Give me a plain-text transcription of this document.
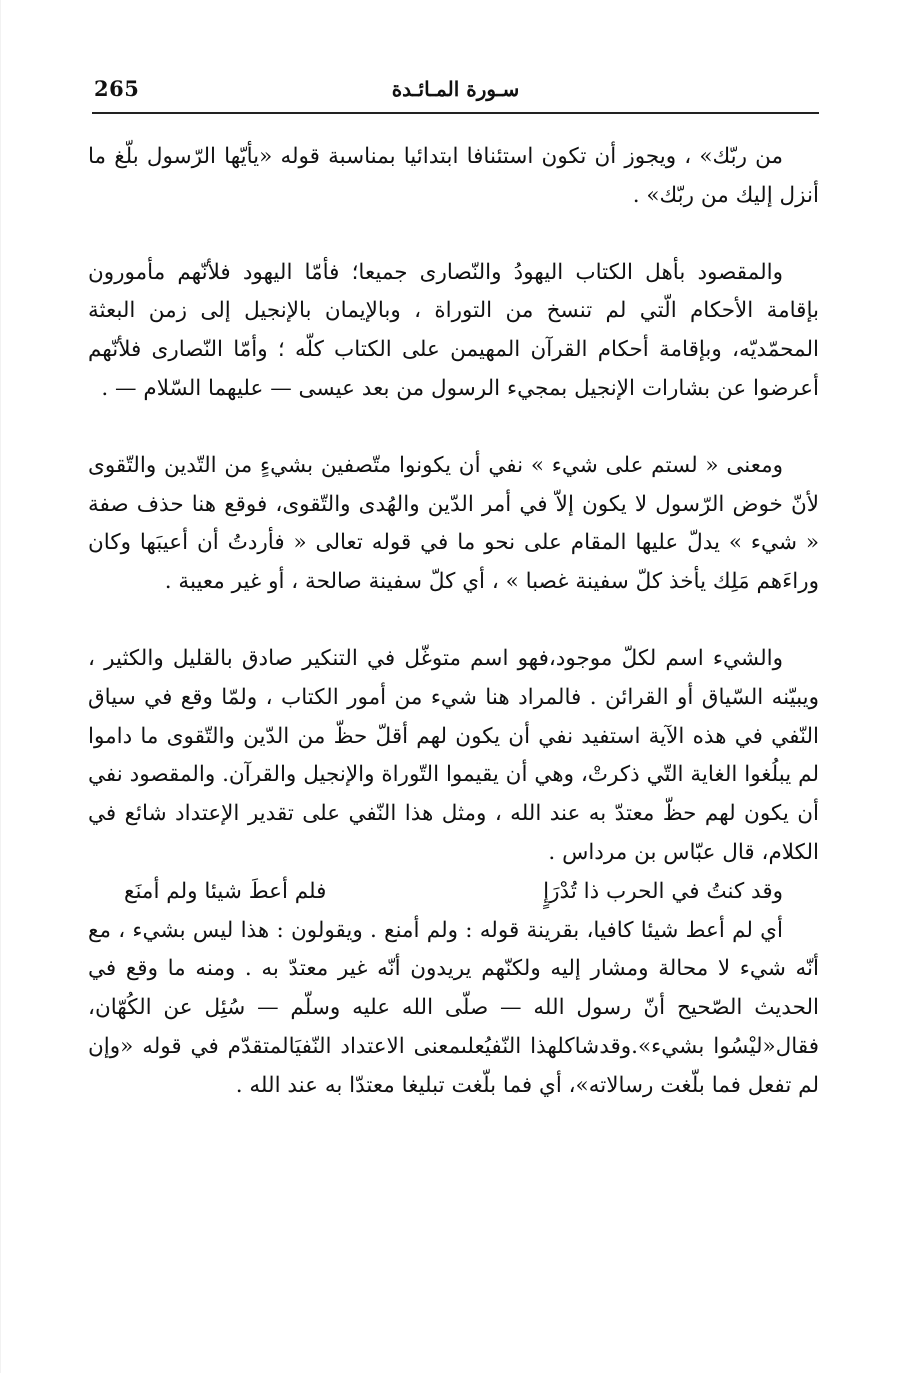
265	سـورة المـائـدة

من ربّك» ، ويجوز أن تكون استئنافا ابتدائيا بمناسبة قوله «يأيّها الرّسول بلّغ ما أنزل إليك من ربّك» .

والمقصود بأهل الكتاب اليهودُ والنّصارى جميعا؛ فأمّا اليهود فلأنّهم مأمورون بإقامة الأحكام الّتي لم تنسخ من التوراة ، وبالإيمان بالإنجيل إلى زمن البعثة المحمّديّه، وبإقامة أحكام القرآن المهيمن على الكتاب كلّه ؛ وأمّا النّصارى فلأنّهم أعرضوا عن بشارات الإنجيل بمجيء الرسول من بعد عيسى — عليهما السّلام — .

ومعنى « لستم على شيء » نفي أن يكونوا متّصفين بشيءٍ من التّدين والتّقوى لأنّ خوض الرّسول لا يكون إلاّ في أمر الدّين والهُدى والتّقوى، فوقع هنا حذف صفة « شيء » يدلّ عليها المقام على نحو ما في قوله تعالى « فأردتُ أن أعيبَها وكان وراءَهم مَلِك يأخذ كلّ سفينة غصبا » ، أي كلّ سفينة صالحة ، أو غير معيبة .

والشيء اسم لكلّ موجود،فهو اسم متوغّل في التنكير صادق بالقليل والكثير ، ويبيّنه السّياق أو القرائن . فالمراد هنا شيء من أمور الكتاب ، ولمّا وقع في سياق النّفي في هذه الآية استفيد نفي أن يكون لهم أقلّ حظّ من الدّين والتّقوى ما داموا لم يبلُغوا الغاية التّي ذكرتْ، وهي أن يقيموا التّوراة والإنجيل والقرآن. والمقصود نفي أن يكون لهم حظّ معتدّ به عند الله ، ومثل هذا النّفي على تقدير الإعتداد شائع في الكلام، قال عبّاس بن مرداس .

وقد كنتُ في الحرب ذا تُدْرَإٍ
فلم أعطَ شيئا ولم أمنَع

أي لم أعط شيئا كافيا، بقرينة قوله : ولم أمنع . ويقولون : هذا ليس بشيء ، مع أنّه شيء لا محالة ومشار إليه ولكنّهم يريدون أنّه غير معتدّ به . ومنه ما وقع في الحديث الصّحيح أنّ رسول الله — صلّى الله عليه وسلّم — سُئِل عن الكُهّان، فقال«ليْسُوا بشيء».وقدشاكلهذا النّفيُعلىمعنى الاعتداد النّفيَالمتقدّم في قوله «وإن لم تفعل فما بلّغت رسالاته»، أي فما بلّغت تبليغا معتدّا به عند الله .
